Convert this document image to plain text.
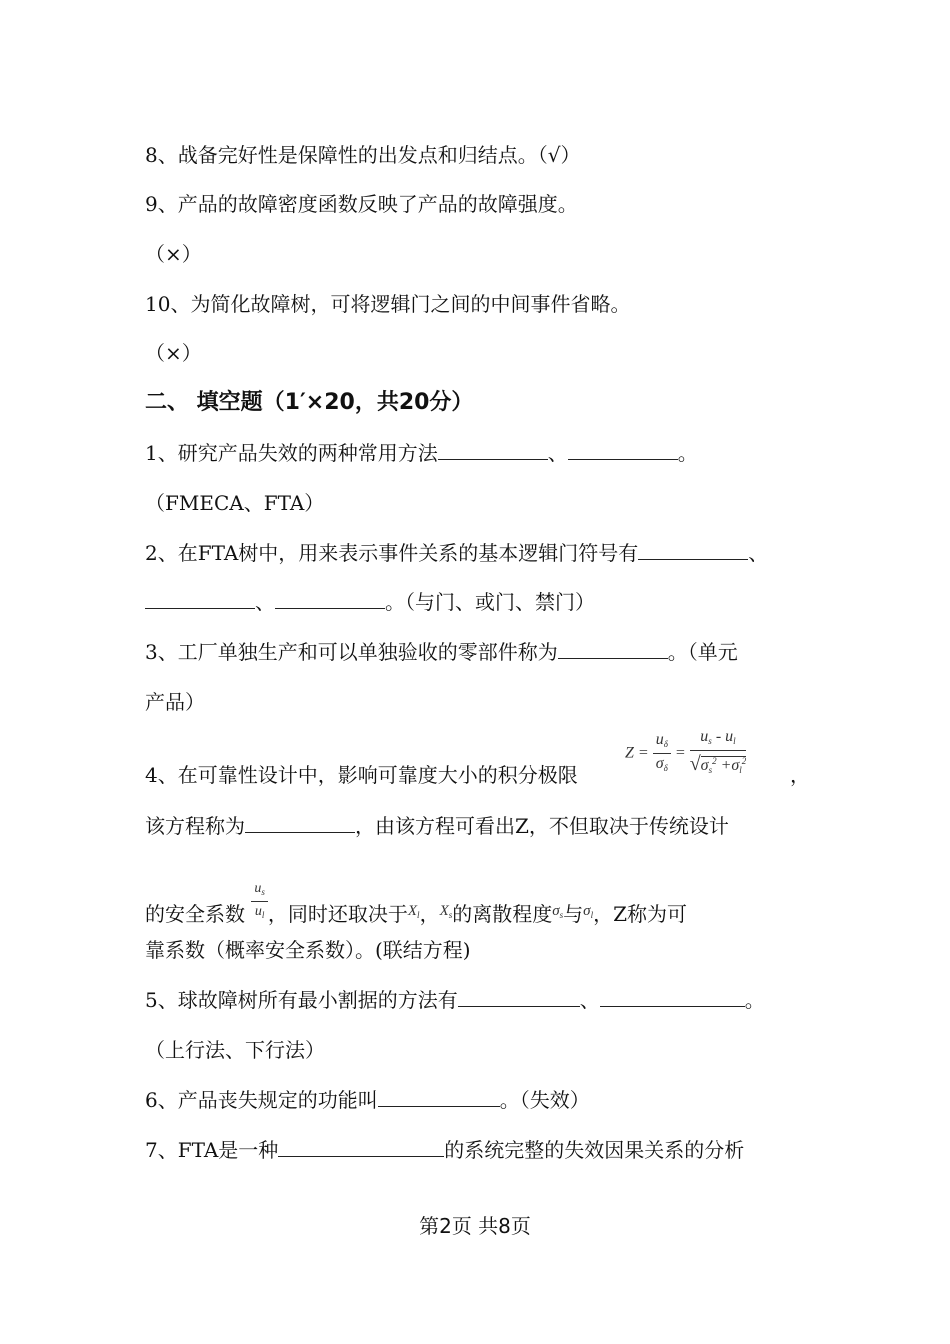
8、战备完好性是保障性的出发点和归结点。（√）
9、产品的故障密度函数反映了产品的故障强度。
（×）
10、为简化故障树，可将逻辑门之间的中间事件省略。
（×）
二、 填空题（1′×20，共20分）
1、研究产品失效的两种常用方法	、	。
（FMECA、FTA）
2、在FTA树中，用来表示事件关系的基本逻辑门符号有	、
、	。（与门、或门、禁门）
3、工厂单独生产和可以单独验收的零部件称为	。（单元
产品）
$Z = \frac{u_\delta}{\sigma_\delta} = \frac{u_s - u_l}{√\sigma_s^2 +\sigma_l^2}$
4、在可靠性设计中，影响可靠度大小的积分极限	，
该方程称为	，由该方程可看出Z，不但取决于传统设计
的安全系数 $\frac{u_s}{u_l}$ ，同时还取决于$^{X_l}$，$^{X_s}$的离散程度$^{\sigma_s}$与$^{\sigma_l}$，Z称为可
靠系数（概率安全系数）。(联结方程)
5、球故障树所有最小割据的方法有	、	。
（上行法、下行法）
6、产品丧失规定的功能叫	。（失效）
7、FTA是一种	的系统完整的失效因果关系的分析
第2页 共8页
